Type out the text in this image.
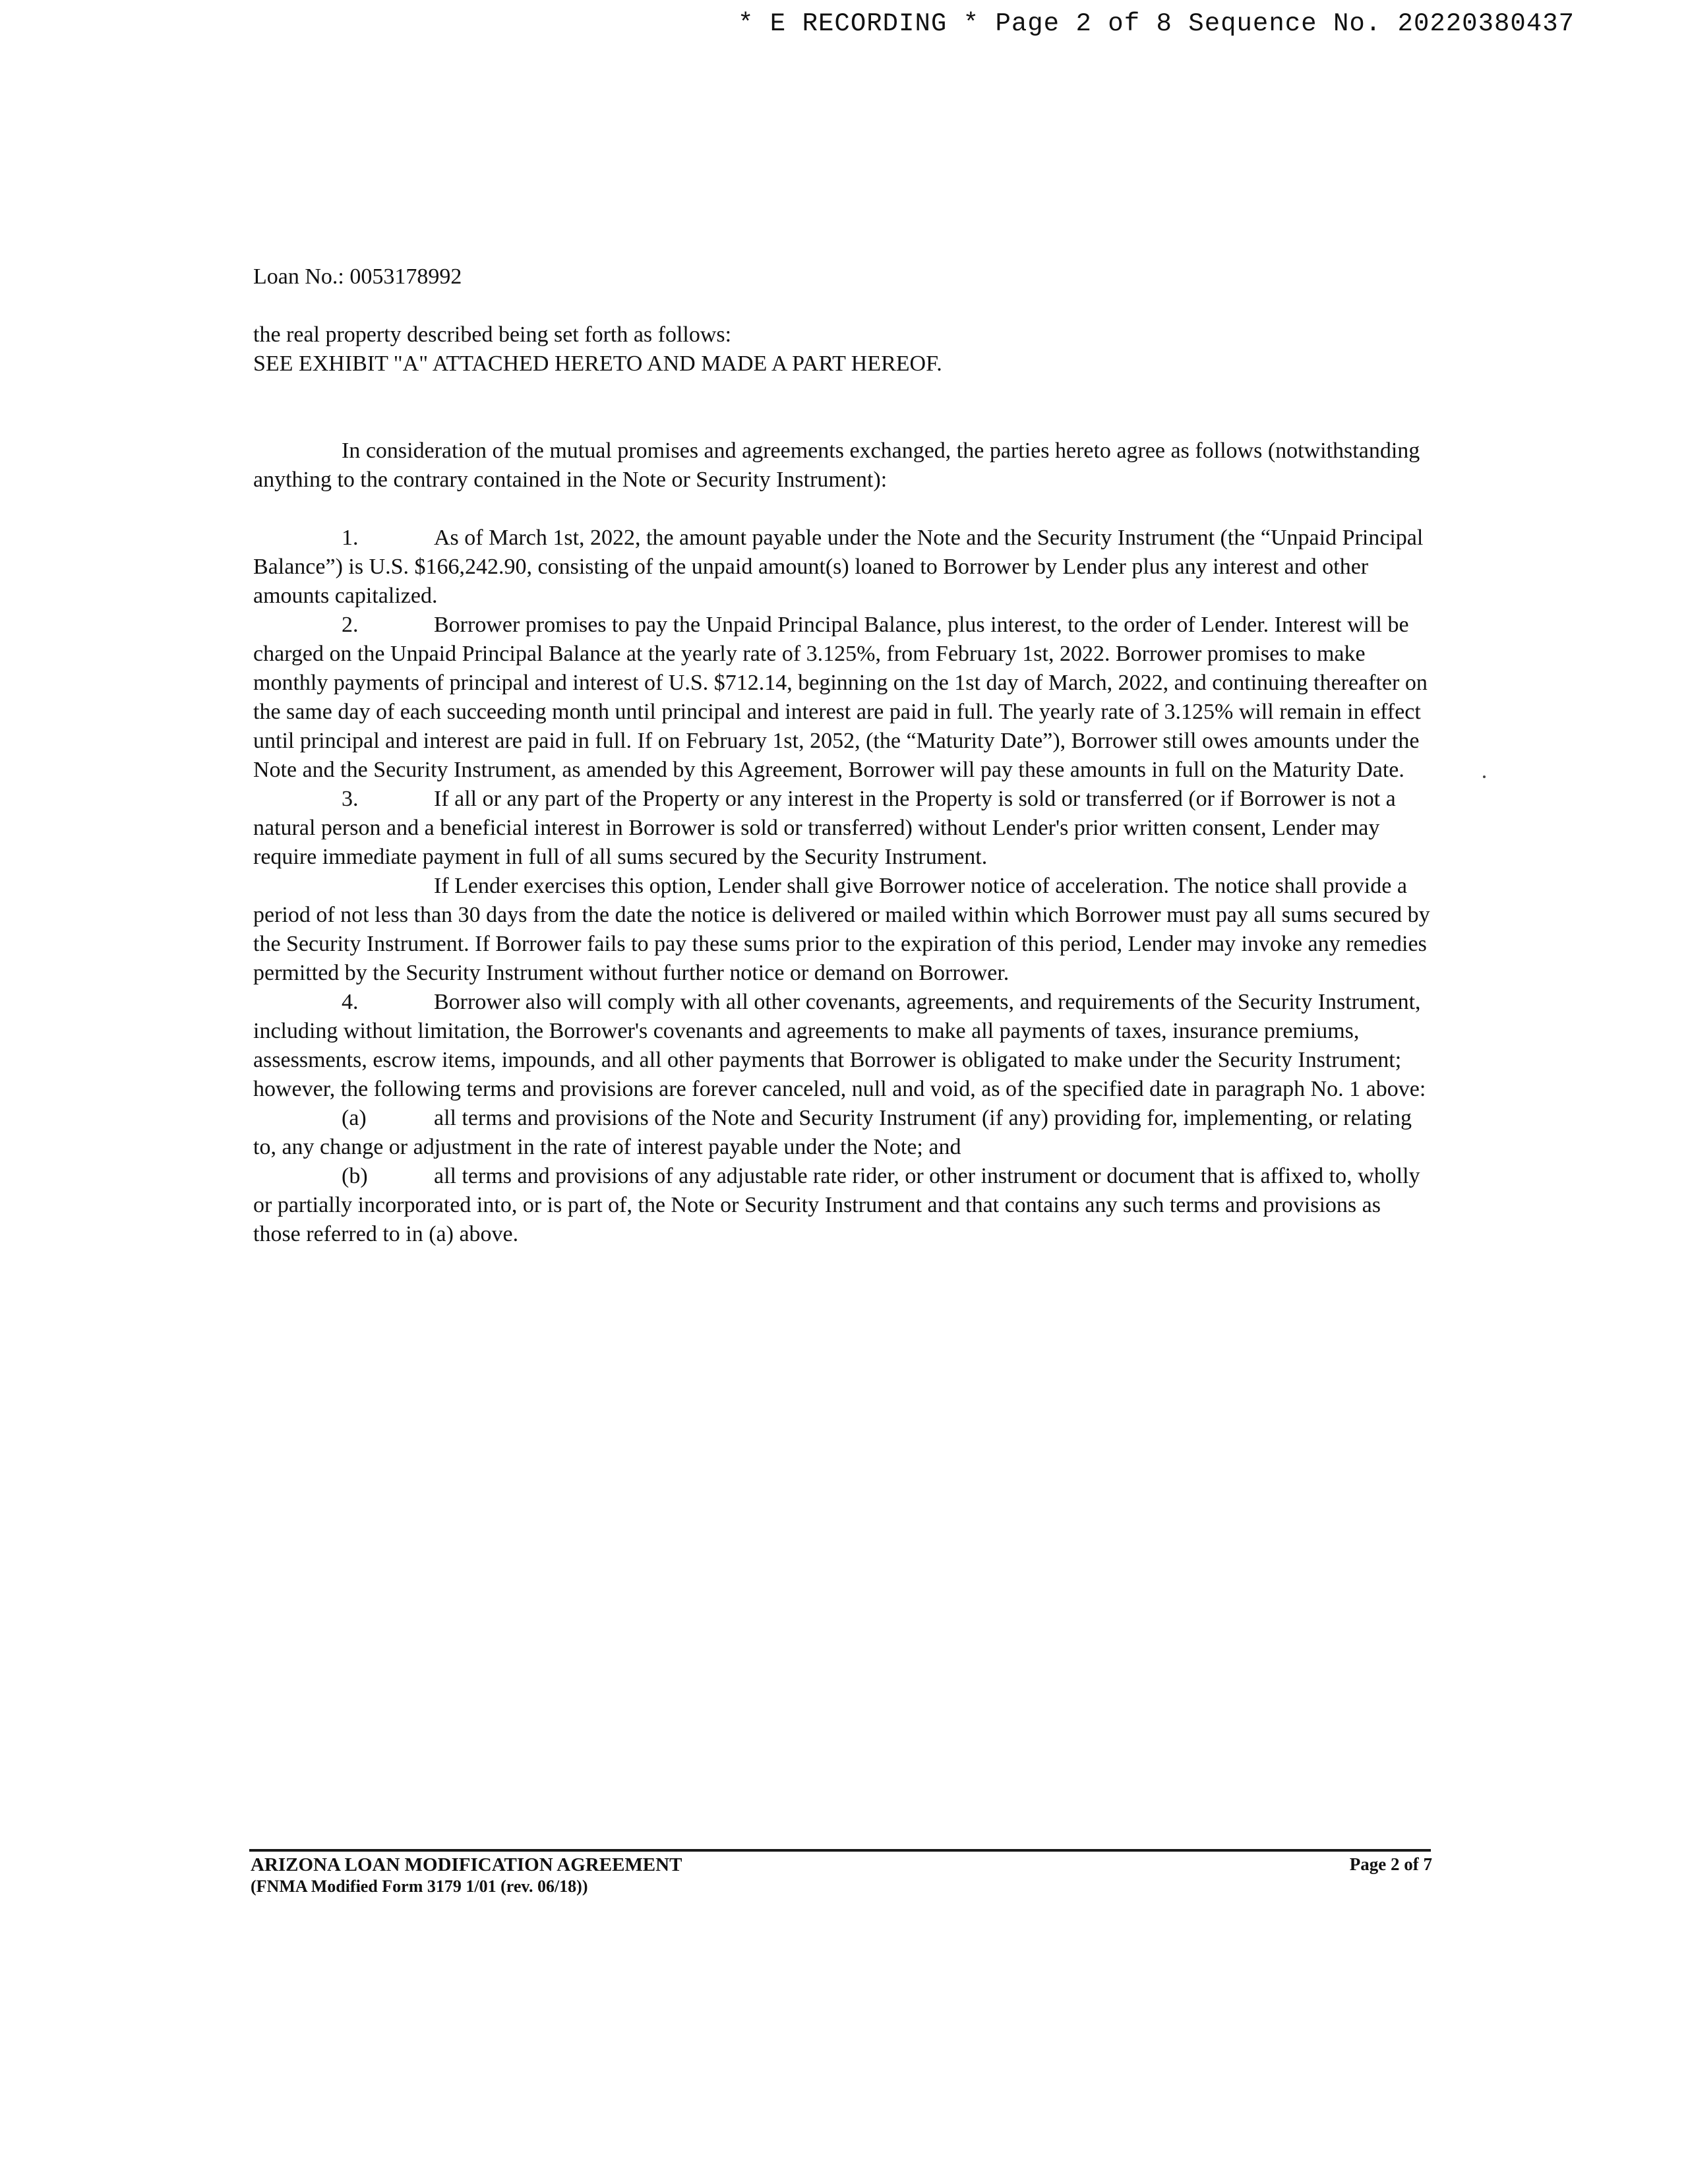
* E RECORDING * Page 2 of 8 Sequence No. 20220380437

Loan No.: 0053178992

the real property described being set forth as follows:

SEE EXHIBIT "A" ATTACHED HERETO AND MADE A PART HEREOF.

In consideration of the mutual promises and agreements exchanged, the parties hereto agree as follows (notwithstanding anything to the contrary contained in the Note or Security Instrument):

1.	As of March 1st, 2022, the amount payable under the Note and the Security Instrument (the “Unpaid Principal Balance”) is U.S. $166,242.90, consisting of the unpaid amount(s) loaned to Borrower by Lender plus any interest and other amounts capitalized.

2.	Borrower promises to pay the Unpaid Principal Balance, plus interest, to the order of Lender. Interest will be charged on the Unpaid Principal Balance at the yearly rate of 3.125%, from February 1st, 2022. Borrower promises to make monthly payments of principal and interest of U.S. $712.14, beginning on the 1st day of March, 2022, and continuing thereafter on the same day of each succeeding month until principal and interest are paid in full. The yearly rate of 3.125% will remain in effect until principal and interest are paid in full. If on February 1st, 2052, (the “Maturity Date”), Borrower still owes amounts under the Note and the Security Instrument, as amended by this Agreement, Borrower will pay these amounts in full on the Maturity Date.

3.	If all or any part of the Property or any interest in the Property is sold or transferred (or if Borrower is not a natural person and a beneficial interest in Borrower is sold or transferred) without Lender's prior written consent, Lender may require immediate payment in full of all sums secured by the Security Instrument.

If Lender exercises this option, Lender shall give Borrower notice of acceleration. The notice shall provide a period of not less than 30 days from the date the notice is delivered or mailed within which Borrower must pay all sums secured by the Security Instrument. If Borrower fails to pay these sums prior to the expiration of this period, Lender may invoke any remedies permitted by the Security Instrument without further notice or demand on Borrower.

4.	Borrower also will comply with all other covenants, agreements, and requirements of the Security Instrument, including without limitation, the Borrower's covenants and agreements to make all payments of taxes, insurance premiums, assessments, escrow items, impounds, and all other payments that Borrower is obligated to make under the Security Instrument; however, the following terms and provisions are forever canceled, null and void, as of the specified date in paragraph No. 1 above:

(a)	all terms and provisions of the Note and Security Instrument (if any) providing for, implementing, or relating to, any change or adjustment in the rate of interest payable under the Note; and

(b)	all terms and provisions of any adjustable rate rider, or other instrument or document that is affixed to, wholly or partially incorporated into, or is part of, the Note or Security Instrument and that contains any such terms and provisions as those referred to in (a) above.

ARIZONA LOAN MODIFICATION AGREEMENT
(FNMA Modified Form 3179 1/01 (rev. 06/18))
Page 2 of 7
